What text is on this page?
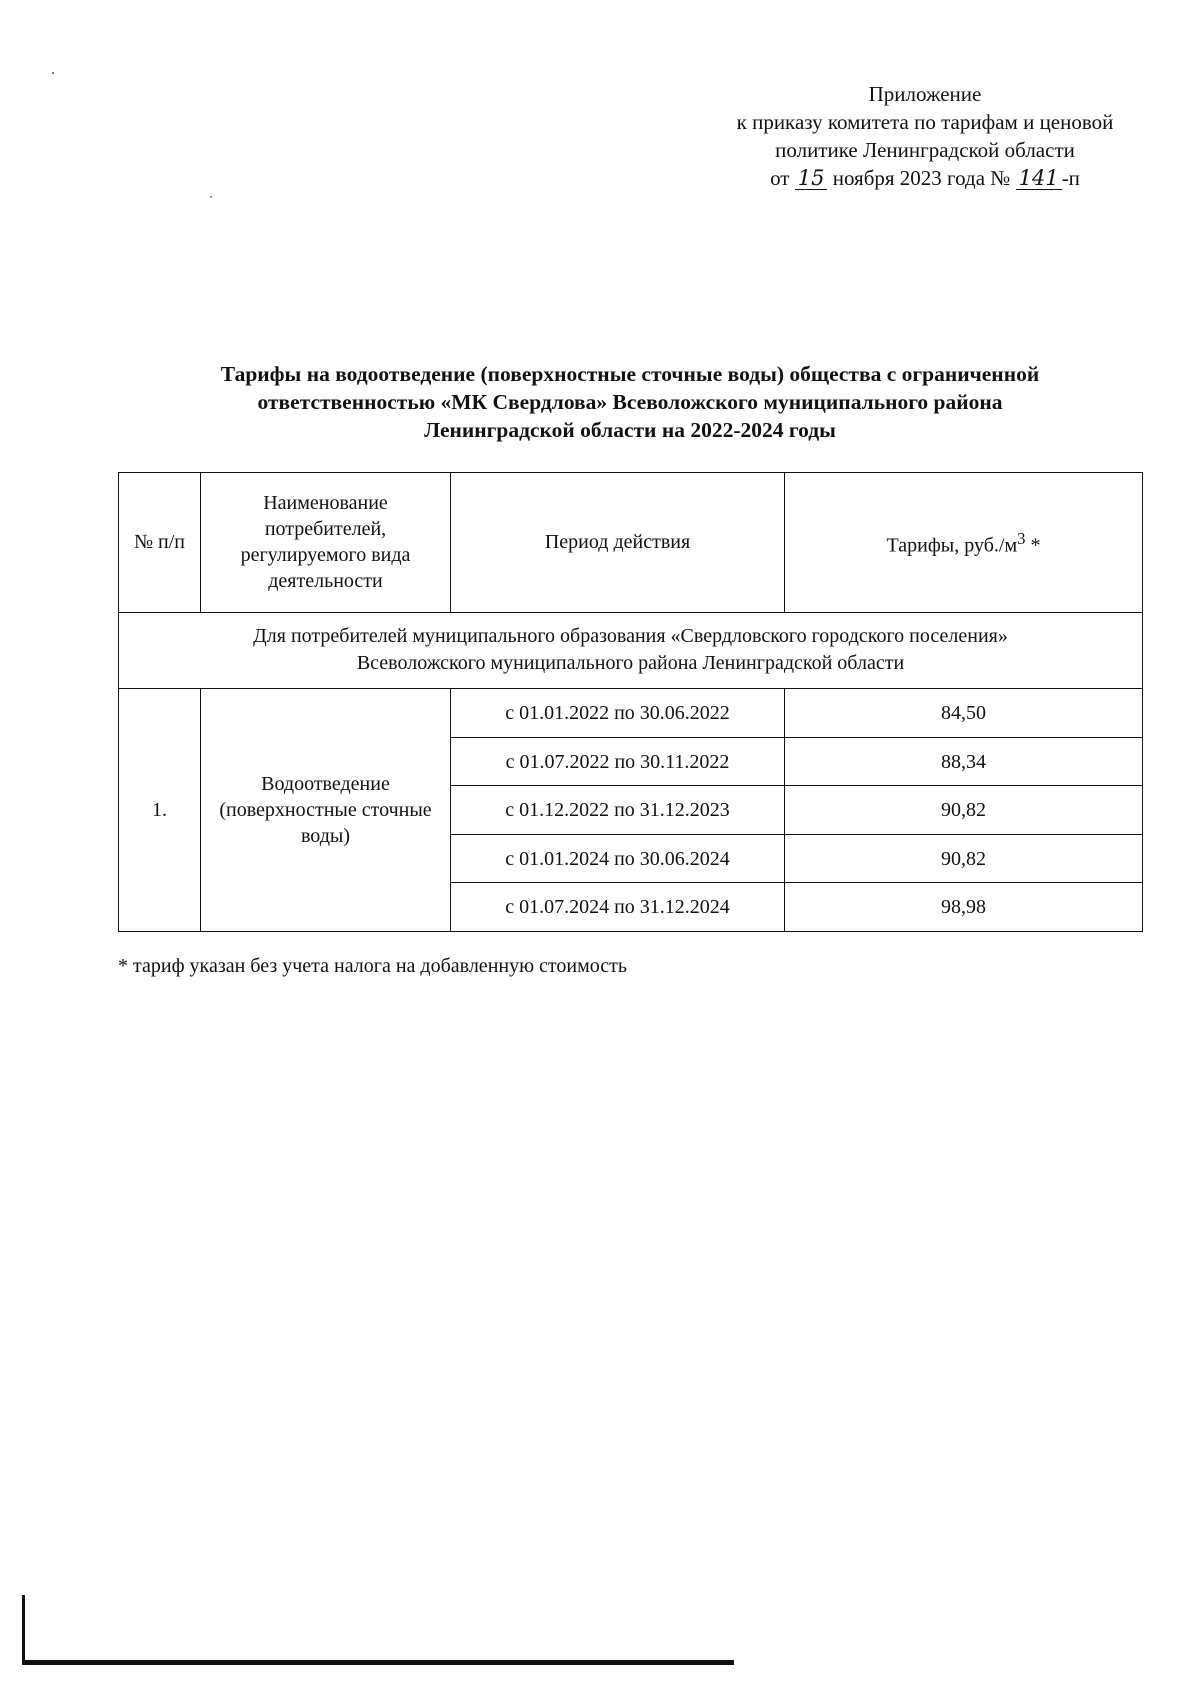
Приложение
к приказу комитета по тарифам и ценовой
политике Ленинградской области
от 15 ноября 2023 года № 141 -п
Тарифы на водоотведение (поверхностные сточные воды) общества с ограниченной
ответственностью «МК Свердлова» Всеволожского муниципального района
Ленинградской области на 2022-2024 годы
№ п/п	Наименование потребителей, регулируемого вида деятельности	Период действия	Тарифы, $руб./м^3$ *

Для потребителей муниципального образования «Свердловского городского поселения»
Всеволожского муниципального района Ленинградской области			

1.	Водоотведение (поверхностные сточные воды)	с 01.01.2022 по 30.06.2022	84,50
		с 01.07.2022 по 30.11.2022	88,34
		с 01.12.2022 по 31.12.2023	90,82
		с 01.01.2024 по 30.06.2024	90,82
		с 01.07.2024 по 31.12.2024	98,98
* тариф указан без учета налога на добавленную стоимость
